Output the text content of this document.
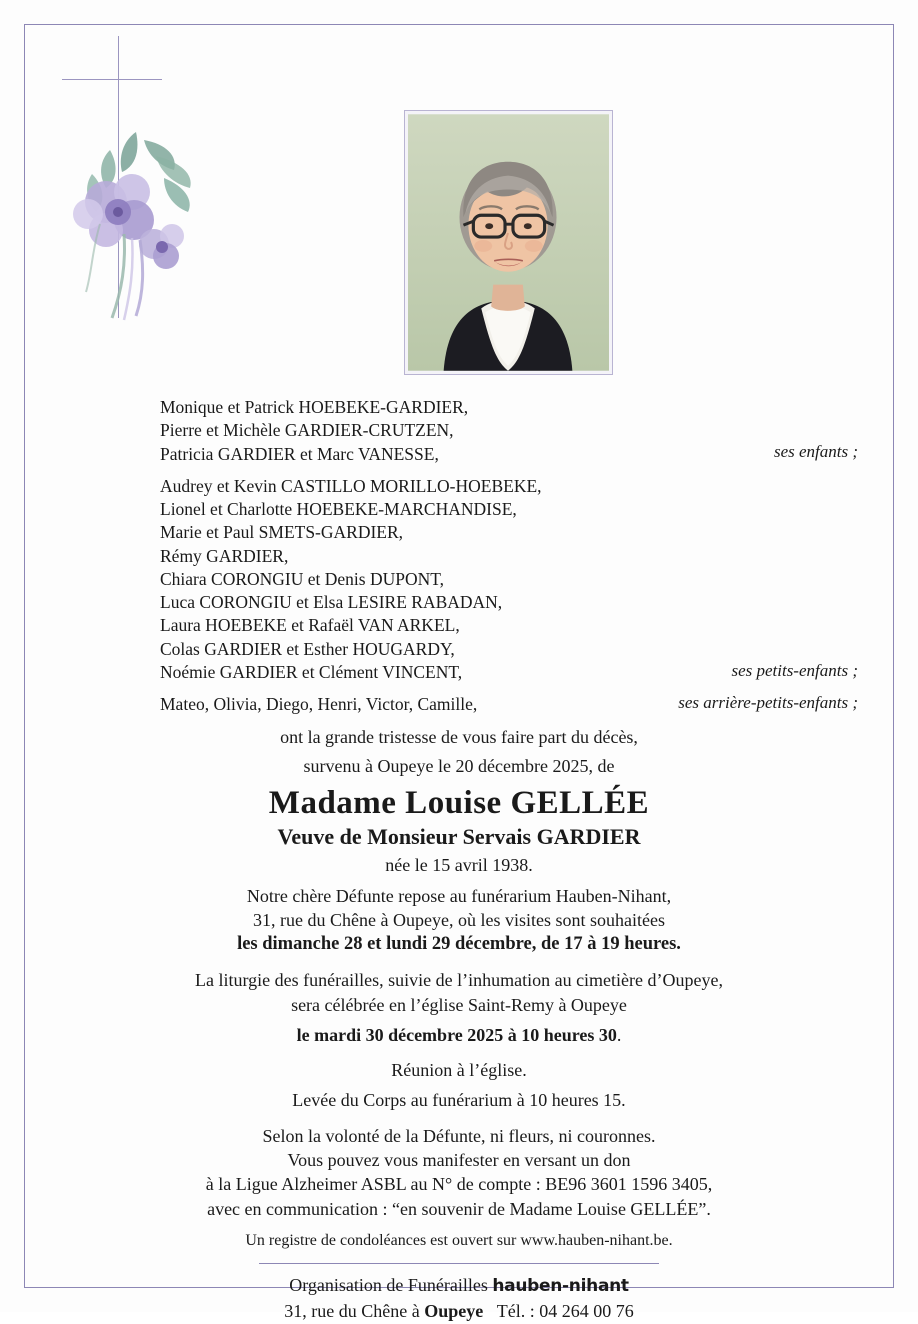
Monique et Patrick HOEBEKE-GARDIER,
Pierre et Michèle GARDIER-CRUTZEN,
Patricia GARDIER et Marc VANESSE,	ses enfants ;
Audrey et Kevin CASTILLO MORILLO-HOEBEKE,
Lionel et Charlotte HOEBEKE-MARCHANDISE,
Marie et Paul SMETS-GARDIER,
Rémy GARDIER,
Chiara CORONGIU et Denis DUPONT,
Luca CORONGIU et Elsa LESIRE RABADAN,
Laura HOEBEKE et Rafaël VAN ARKEL,
Colas GARDIER et Esther HOUGARDY,
Noémie GARDIER et Clément VINCENT,	ses petits-enfants ;
Mateo, Olivia, Diego, Henri, Victor, Camille,	ses arrière-petits-enfants ;
ont la grande tristesse de vous faire part du décès,
survenu à Oupeye le 20 décembre 2025, de
Madame Louise GELLÉE
Veuve de Monsieur Servais GARDIER
née le 15 avril 1938.
Notre chère Défunte repose au funérarium Hauben-Nihant,
31, rue du Chêne à Oupeye, où les visites sont souhaitées
les dimanche 28 et lundi 29 décembre, de 17 à 19 heures.
La liturgie des funérailles, suivie de l’inhumation au cimetière d’Oupeye,
sera célébrée en l’église Saint-Remy à Oupeye
le mardi 30 décembre 2025 à 10 heures 30.
Réunion à l’église.
Levée du Corps au funérarium à 10 heures 15.
Selon la volonté de la Défunte, ni fleurs, ni couronnes.
Vous pouvez vous manifester en versant un don
à la Ligue Alzheimer ASBL au N° de compte : BE96 3601 1596 3405,
avec en communication : “en souvenir de Madame Louise GELLÉE”.
Un registre de condoléances est ouvert sur www.hauben-nihant.be.
Organisation de Funérailles hauben-nihant
31, rue du Chêne à Oupeye Tél. : 04 264 00 76
